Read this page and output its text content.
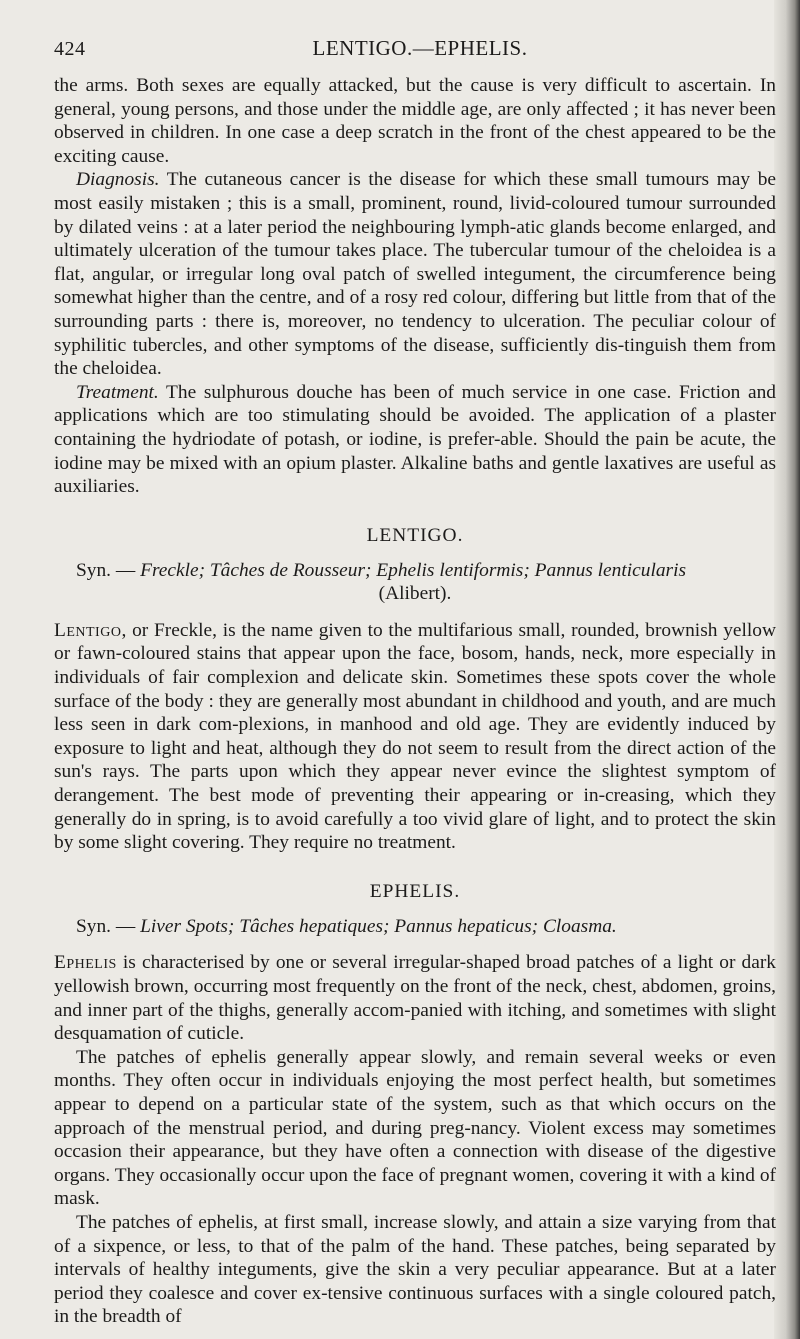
424	LENTIGO.—EPHELIS.

the arms. Both sexes are equally attacked, but the cause is very difficult to ascertain. In general, young persons, and those under the middle age, are only affected ; it has never been observed in children. In one case a deep scratch in the front of the chest appeared to be the exciting cause.

Diagnosis. The cutaneous cancer is the disease for which these small tumours may be most easily mistaken ; this is a small, prominent, round, livid-coloured tumour surrounded by dilated veins : at a later period the neighbouring lymph-atic glands become enlarged, and ultimately ulceration of the tumour takes place. The tubercular tumour of the cheloidea is a flat, angular, or irregular long oval patch of swelled integument, the circumference being somewhat higher than the centre, and of a rosy red colour, differing but little from that of the surrounding parts : there is, moreover, no tendency to ulceration. The peculiar colour of syphilitic tubercles, and other symptoms of the disease, sufficiently dis-tinguish them from the cheloidea.

Treatment. The sulphurous douche has been of much service in one case. Friction and applications which are too stimulating should be avoided. The application of a plaster containing the hydriodate of potash, or iodine, is prefer-able. Should the pain be acute, the iodine may be mixed with an opium plaster. Alkaline baths and gentle laxatives are useful as auxiliaries.

LENTIGO.

Syn. — Freckle; Tâches de Rousseur; Ephelis lentiformis; Pannus lenticularis

(Alibert).

Lentigo, or Freckle, is the name given to the multifarious small, rounded, brownish yellow or fawn-coloured stains that appear upon the face, bosom, hands, neck, more especially in individuals of fair complexion and delicate skin. Sometimes these spots cover the whole surface of the body : they are generally most abundant in childhood and youth, and are much less seen in dark com-plexions, in manhood and old age. They are evidently induced by exposure to light and heat, although they do not seem to result from the direct action of the sun's rays. The parts upon which they appear never evince the slightest symptom of derangement. The best mode of preventing their appearing or in-creasing, which they generally do in spring, is to avoid carefully a too vivid glare of light, and to protect the skin by some slight covering. They require no treatment.

EPHELIS.

Syn. — Liver Spots; Tâches hepatiques; Pannus hepaticus; Cloasma.

Ephelis is characterised by one or several irregular-shaped broad patches of a light or dark yellowish brown, occurring most frequently on the front of the neck, chest, abdomen, groins, and inner part of the thighs, generally accom-panied with itching, and sometimes with slight desquamation of cuticle.

The patches of ephelis generally appear slowly, and remain several weeks or even months. They often occur in individuals enjoying the most perfect health, but sometimes appear to depend on a particular state of the system, such as that which occurs on the approach of the menstrual period, and during preg-nancy. Violent excess may sometimes occasion their appearance, but they have often a connection with disease of the digestive organs. They occasionally occur upon the face of pregnant women, covering it with a kind of mask.

The patches of ephelis, at first small, increase slowly, and attain a size varying from that of a sixpence, or less, to that of the palm of the hand. These patches, being separated by intervals of healthy integuments, give the skin a very peculiar appearance. But at a later period they coalesce and cover ex-tensive continuous surfaces with a single coloured patch, in the breadth of
